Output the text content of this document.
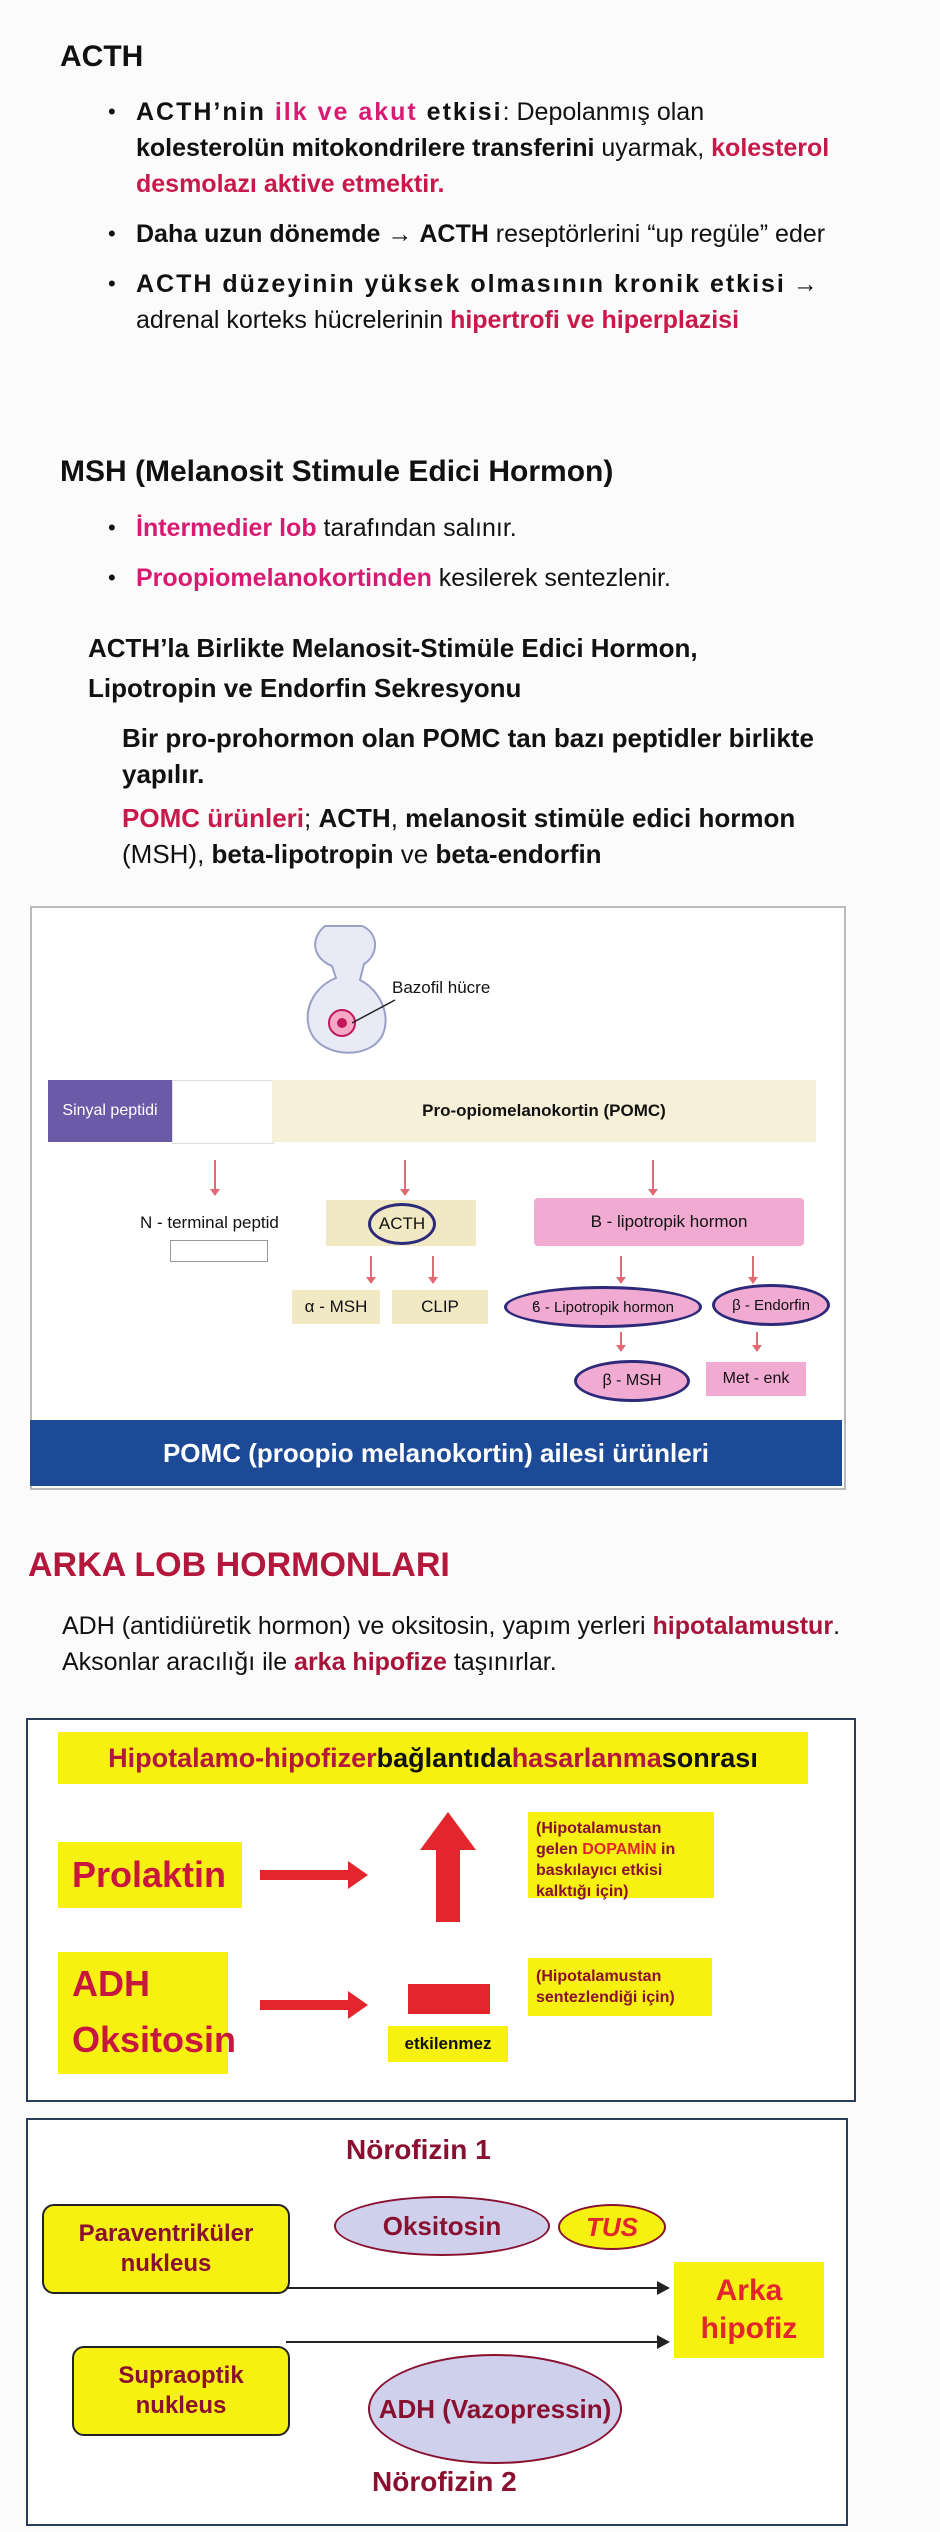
ACTH
• ACTH’nin ilk ve akut etkisi: Depolanmış olan kolesterolün mitokondrilere transferini uyarmak, kolesterol desmolazı aktive etmektir.
• Daha uzun dönemde → ACTH reseptörlerini “up regüle” eder
• ACTH düzeyinin yüksek olmasının kronik etkisi → adrenal korteks hücrelerinin hipertrofi ve hiperplazisi
MSH (Melanosit Stimule Edici Hormon)
• İntermedier lob tarafından salınır.
• Proopiomelanokortinden kesilerek sentezlenir.
ACTH’la Birlikte Melanosit-Stimüle Edici Hormon,
Lipotropin ve Endorfin Sekresyonu
Bir pro-prohormon olan POMC tan bazı peptidler birlikte yapılır.
POMC ürünleri; ACTH, melanosit stimüle edici hormon (MSH), beta-lipotropin ve beta-endorfin
Bazofil hücre
Sinyal peptidi	Pro-opiomelanokortin (POMC)
N - terminal peptid	ACTH	B - lipotropik hormon
α - MSH	CLIP	ϐ - Lipotropik hormon	β - Endorfin
β - MSH	Met - enk
POMC (proopio melanokortin) ailesi ürünleri
ARKA LOB HORMONLARI
ADH (antidiüretik hormon) ve oksitosin, yapım yerleri hipotalamustur. Aksonlar aracılığı ile arka hipofize taşınırlar.
Hipotalamo-hipofizer bağlantıda hasarlanma sonrası
Prolaktin
(Hipotalamustan gelen DOPAMİN in baskılayıcı etkisi kalktığı için)
ADH
Oksitosin	etkilenmez
(Hipotalamustan sentezlendiği için)
Nörofizin 1
Paraventriküler nukleus
Oksitosin	TUS
Arka hipofiz
Supraoptik nukleus	ADH (Vazopressin)
Nörofizin 2
